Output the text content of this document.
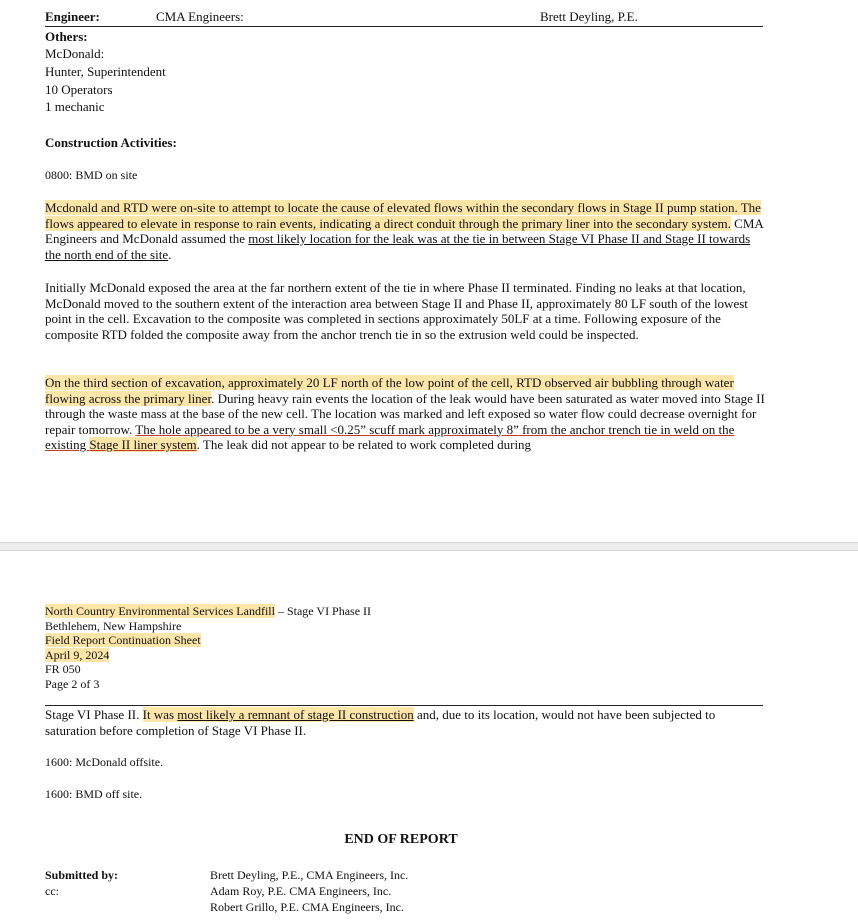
Engineer:	CMA Engineers:	Brett Deyling, P.E.
Others:
McDonald:
Hunter, Superintendent
10 Operators
1 mechanic
Construction Activities:
0800: BMD on site
Mcdonald and RTD were on-site to attempt to locate the cause of elevated flows within the secondary flows in Stage II pump station. The flows appeared to elevate in response to rain events, indicating a direct conduit through the primary liner into the secondary system. CMA Engineers and McDonald assumed the most likely location for the leak was at the tie in between Stage VI Phase II and Stage II towards the north end of the site.
Initially McDonald exposed the area at the far northern extent of the tie in where Phase II terminated. Finding no leaks at that location, McDonald moved to the southern extent of the interaction area between Stage II and Phase II, approximately 80 LF south of the lowest point in the cell. Excavation to the composite was completed in sections approximately 50LF at a time. Following exposure of the composite RTD folded the composite away from the anchor trench tie in so the extrusion weld could be inspected.
On the third section of excavation, approximately 20 LF north of the low point of the cell, RTD observed air bubbling through water flowing across the primary liner. During heavy rain events the location of the leak would have been saturated as water moved into Stage II through the waste mass at the base of the new cell. The location was marked and left exposed so water flow could decrease overnight for repair tomorrow. The hole appeared to be a very small <0.25” scuff mark approximately 8” from the anchor trench tie in weld on the existing Stage II liner system. The leak did not appear to be related to work completed during
North Country Environmental Services Landfill – Stage VI Phase II
Bethlehem, New Hampshire
Field Report Continuation Sheet
April 9, 2024
FR 050
Page 2 of 3
Stage VI Phase II. It was most likely a remnant of stage II construction and, due to its location, would not have been subjected to saturation before completion of Stage VI Phase II.
1600: McDonald offsite.
1600: BMD off site.
END OF REPORT
Submitted by:
cc:
Brett Deyling, P.E., CMA Engineers, Inc.
Adam Roy, P.E. CMA Engineers, Inc.
Robert Grillo, P.E. CMA Engineers, Inc.
